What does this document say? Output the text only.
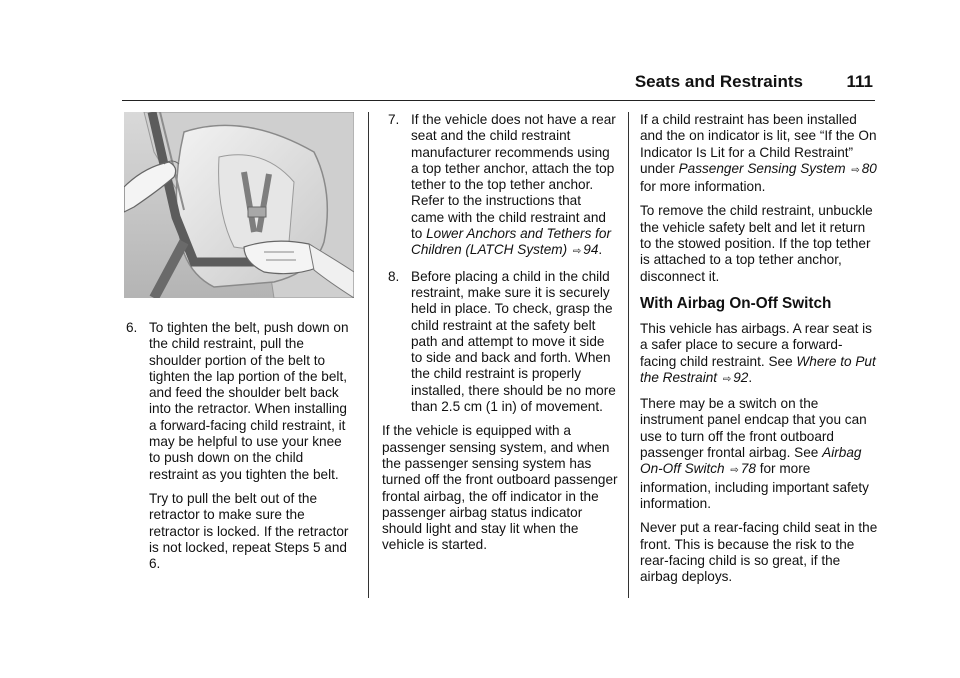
Seats and Restraints	111
6. To tighten the belt, push down on the child restraint, pull the shoulder portion of the belt to tighten the lap portion of the belt, and feed the shoulder belt back into the retractor. When installing a forward-facing child restraint, it may be helpful to use your knee to push down on the child restraint as you tighten the belt.

Try to pull the belt out of the retractor to make sure the retractor is locked. If the retractor is not locked, repeat Steps 5 and 6.

7. If the vehicle does not have a rear seat and the child restraint manufacturer recommends using a top tether anchor, attach the top tether to the top tether anchor. Refer to the instructions that came with the child restraint and to Lower Anchors and Tethers for Children (LATCH System) ⇨ 94.
8. Before placing a child in the child restraint, make sure it is securely held in place. To check, grasp the child restraint at the safety belt path and attempt to move it side to side and back and forth. When the child restraint is properly installed, there should be no more than 2.5 cm (1 in) of movement.

If the vehicle is equipped with a passenger sensing system, and when the passenger sensing system has turned off the front outboard passenger frontal airbag, the off indicator in the passenger airbag status indicator should light and stay lit when the vehicle is started.

If a child restraint has been installed and the on indicator is lit, see “If the On Indicator Is Lit for a Child Restraint” under Passenger Sensing System ⇨ 80 for more information.

To remove the child restraint, unbuckle the vehicle safety belt and let it return to the stowed position. If the top tether is attached to a top tether anchor, disconnect it.

With Airbag On-Off Switch

This vehicle has airbags. A rear seat is a safer place to secure a forward-facing child restraint. See Where to Put the Restraint ⇨ 92.

There may be a switch on the instrument panel endcap that you can use to turn off the front outboard passenger frontal airbag. See Airbag On-Off Switch ⇨ 78 for more information, including important safety information.

Never put a rear-facing child seat in the front. This is because the risk to the rear-facing child is so great, if the airbag deploys.
